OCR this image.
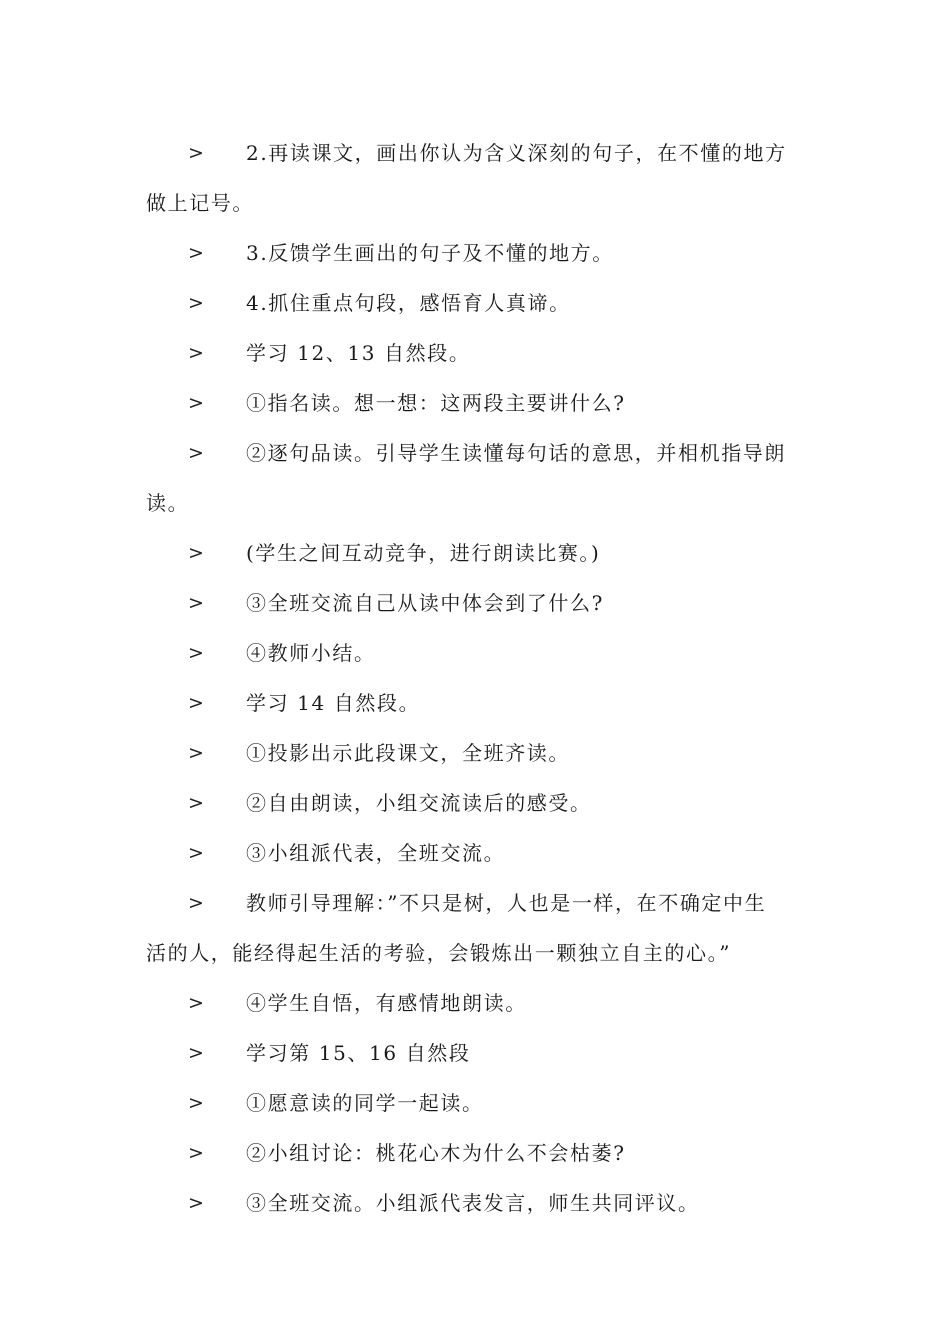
> 2.再读课文，画出你认为含义深刻的句子，在不懂的地方
做上记号。
> 3.反馈学生画出的句子及不懂的地方。
> 4.抓住重点句段，感悟育人真谛。
> 学习 12、13 自然段。
> ①指名读。想一想：这两段主要讲什么?
> ②逐句品读。引导学生读懂每句话的意思，并相机指导朗
读。
> (学生之间互动竞争，进行朗读比赛。)
> ③全班交流自己从读中体会到了什么?
> ④教师小结。
> 学习 14 自然段。
> ①投影出示此段课文，全班齐读。
> ②自由朗读，小组交流读后的感受。
> ③小组派代表，全班交流。
> 教师引导理解：”不只是树，人也是一样，在不确定中生
活的人，能经得起生活的考验，会锻炼出一颗独立自主的心。”
> ④学生自悟，有感情地朗读。
> 学习第 15、16 自然段
> ①愿意读的同学一起读。
> ②小组讨论：桃花心木为什么不会枯萎?
> ③全班交流。小组派代表发言，师生共同评议。
